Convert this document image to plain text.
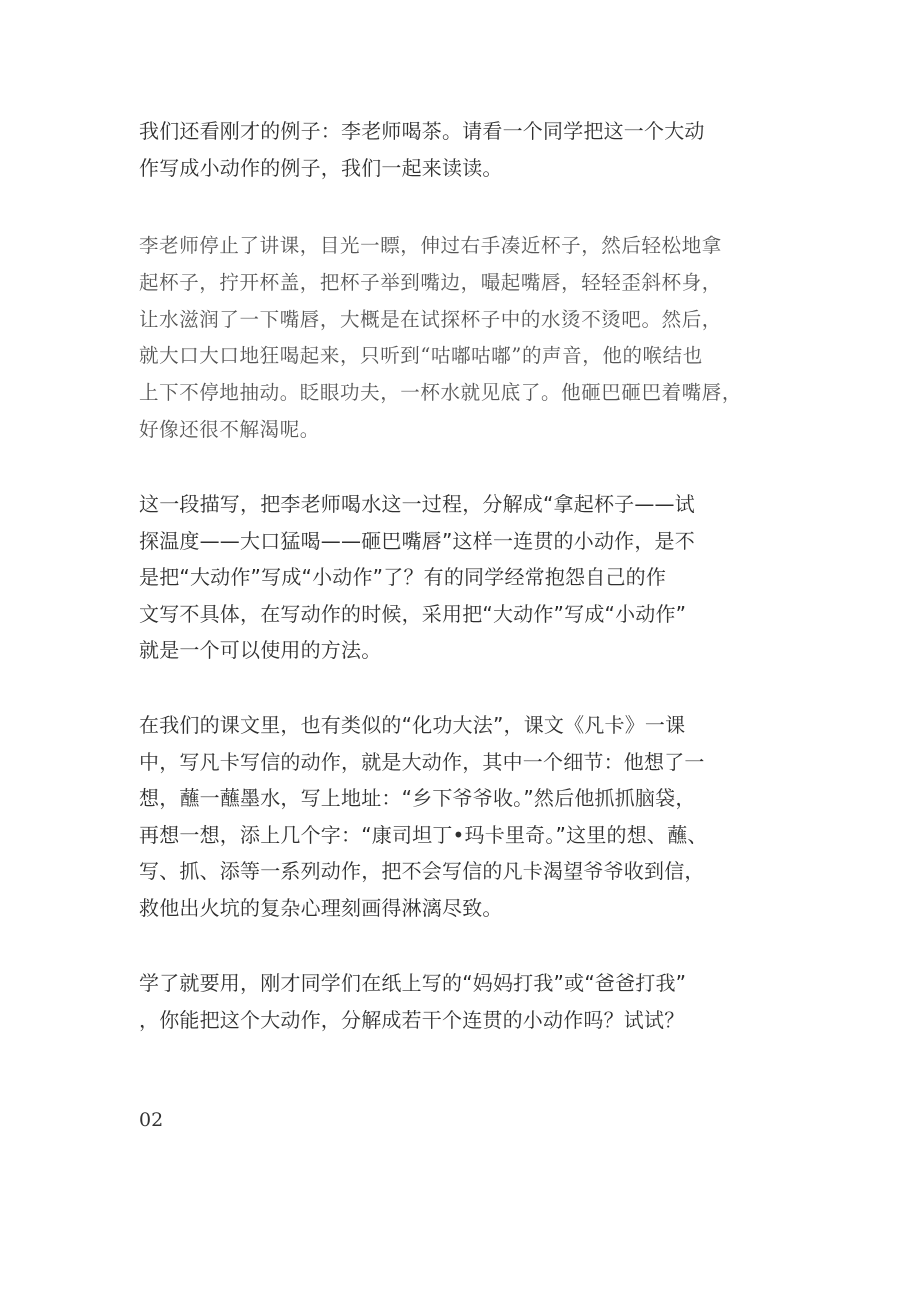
我们还看刚才的例子：李老师喝茶。请看一个同学把这一个大动
作写成小动作的例子，我们一起来读读。

李老师停止了讲课，目光一瞟，伸过右手凑近杯子，然后轻松地拿
起杯子，拧开杯盖，把杯子举到嘴边，嘬起嘴唇，轻轻歪斜杯身，
让水滋润了一下嘴唇，大概是在试探杯子中的水烫不烫吧。然后，
就大口大口地狂喝起来，只听到“咕嘟咕嘟”的声音，他的喉结也
上下不停地抽动。眨眼功夫，一杯水就见底了。他砸巴砸巴着嘴唇，
好像还很不解渴呢。

这一段描写，把李老师喝水这一过程，分解成“拿起杯子——试
探温度——大口猛喝——砸巴嘴唇”这样一连贯的小动作，是不
是把“大动作”写成“小动作”了？有的同学经常抱怨自己的作
文写不具体，在写动作的时候，采用把“大动作”写成“小动作”
就是一个可以使用的方法。

在我们的课文里，也有类似的“化功大法”，课文《凡卡》一课
中，写凡卡写信的动作，就是大动作，其中一个细节：他想了一
想，蘸一蘸墨水，写上地址：“乡下爷爷收。”然后他抓抓脑袋，
再想一想，添上几个字：“康司坦丁•玛卡里奇。”这里的想、蘸、
写、抓、添等一系列动作，把不会写信的凡卡渴望爷爷收到信，
救他出火坑的复杂心理刻画得淋漓尽致。

学了就要用，刚才同学们在纸上写的“妈妈打我”或“爸爸打我”
，你能把这个大动作，分解成若干个连贯的小动作吗？试试？

02
